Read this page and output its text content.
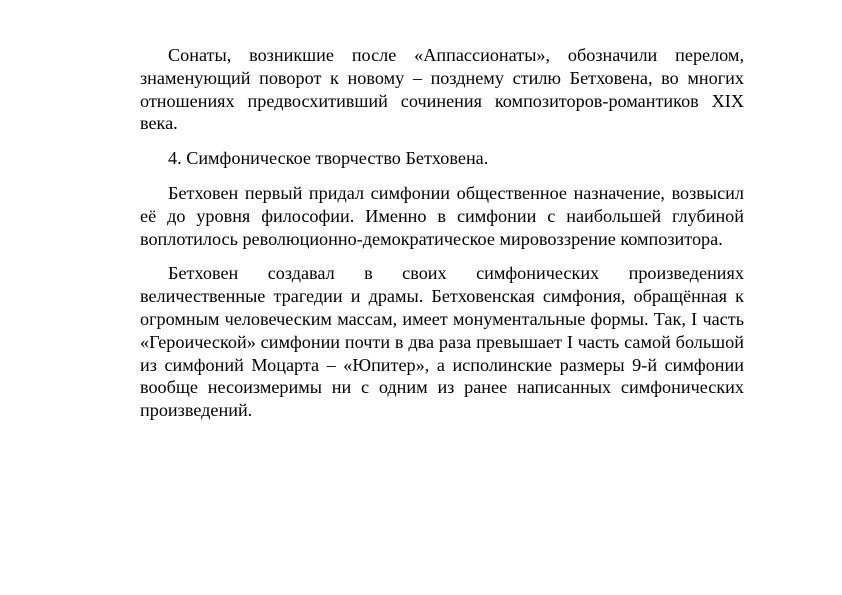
Сонаты, возникшие после «Аппассионаты», обозначили перелом, знаменующий поворот к новому – позднему стилю Бетховена, во многих отношениях предвосхитивший сочинения композиторов-романтиков XIX века.

4. Симфоническое творчество Бетховена.

Бетховен первый придал симфонии общественное назначение, возвысил её до уровня философии. Именно в симфонии с наибольшей глубиной воплотилось революционно-демократическое мировоззрение композитора.

Бетховен создавал в своих симфонических произведениях величественные трагедии и драмы. Бетховенская симфония, обращённая к огромным человеческим массам, имеет монументальные формы. Так, I часть «Героической» симфонии почти в два раза превышает I часть самой большой из симфоний Моцарта – «Юпитер», а исполинские размеры 9-й симфонии вообще несоизмеримы ни с одним из ранее написанных симфонических произведений.
